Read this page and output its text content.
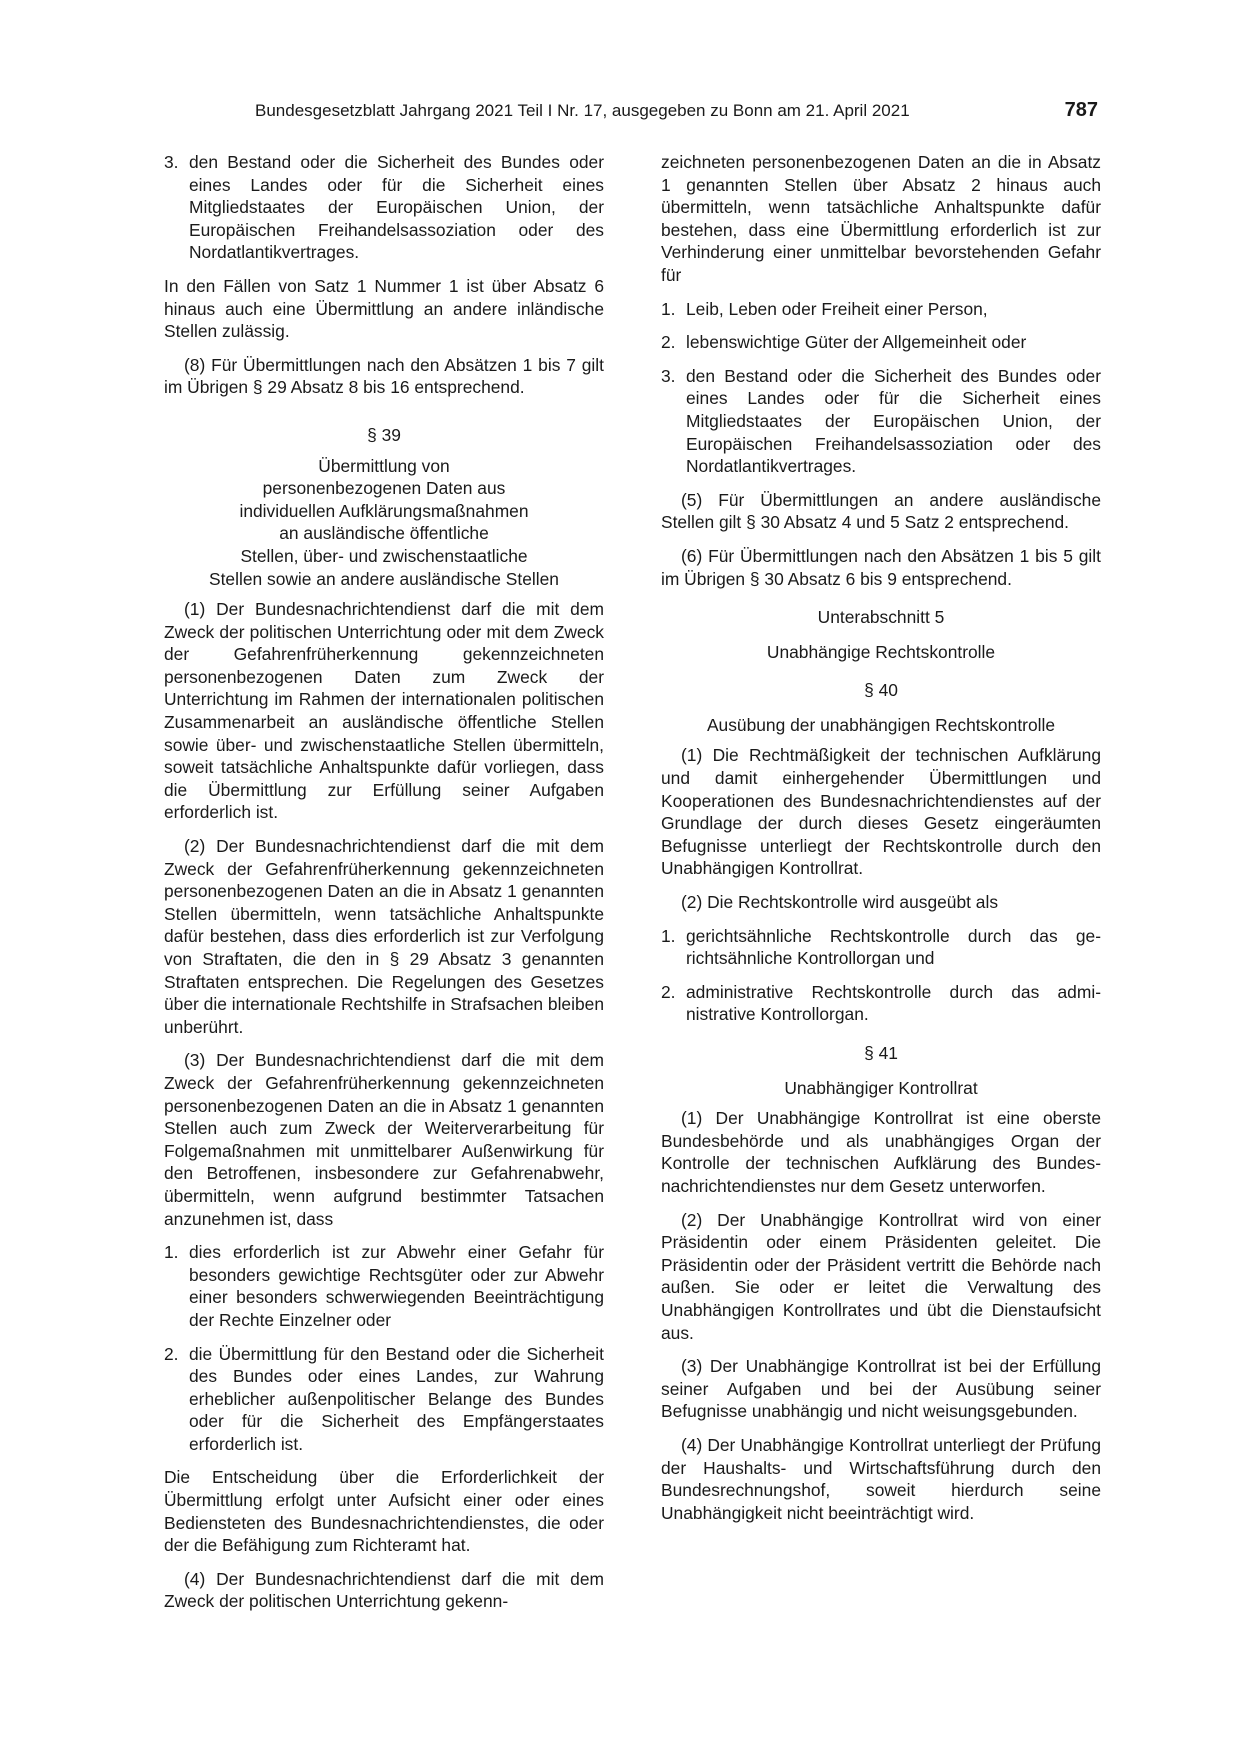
Bundesgesetzblatt Jahrgang 2021 Teil I Nr. 17, ausgegeben zu Bonn am 21. April 2021	787
3. den Bestand oder die Sicherheit des Bundes oder eines Landes oder für die Sicherheit eines Mitgliedstaates der Europäischen Union, der Europäischen Freihandelsassoziation oder des Nordatlantikvertrages.

In den Fällen von Satz 1 Nummer 1 ist über Absatz 6 hinaus auch eine Übermittlung an andere inländische Stellen zulässig.

(8) Für Übermittlungen nach den Absätzen 1 bis 7 gilt im Übrigen § 29 Absatz 8 bis 16 entsprechend.

§ 39
Übermittlung von
personenbezogenen Daten aus
individuellen Aufklärungsmaßnahmen
an ausländische öffentliche
Stellen, über- und zwischenstaatliche
Stellen sowie an andere ausländische Stellen

(1) Der Bundesnachrichtendienst darf die mit dem Zweck der politischen Unterrichtung oder mit dem Zweck der Gefahrenfrüherkennung gekennzeichneten personenbezogenen Daten zum Zweck der Unterrichtung im Rahmen der internationalen politischen Zusammenarbeit an ausländische öffentliche Stellen sowie über- und zwischenstaatliche Stellen übermitteln, soweit tatsächliche Anhaltspunkte dafür vorliegen, dass die Übermittlung zur Erfüllung seiner Aufgaben erforderlich ist.

(2) Der Bundesnachrichtendienst darf die mit dem Zweck der Gefahrenfrüherkennung gekennzeichneten personenbezogenen Daten an die in Absatz 1 genannten Stellen übermitteln, wenn tatsächliche Anhaltspunkte dafür bestehen, dass dies erforderlich ist zur Verfolgung von Straftaten, die den in § 29 Absatz 3 genannten Straftaten entsprechen. Die Regelungen des Gesetzes über die internationale Rechtshilfe in Strafsachen bleiben unberührt.

(3) Der Bundesnachrichtendienst darf die mit dem Zweck der Gefahrenfrüherkennung gekennzeichneten personenbezogenen Daten an die in Absatz 1 genannten Stellen auch zum Zweck der Weiterverarbeitung für Folgemaßnahmen mit unmittelbarer Außenwirkung für den Betroffenen, insbesondere zur Gefahrenabwehr, übermitteln, wenn aufgrund bestimmter Tatsachen anzunehmen ist, dass

1. dies erforderlich ist zur Abwehr einer Gefahr für besonders gewichtige Rechtsgüter oder zur Abwehr einer besonders schwerwiegenden Beeinträchtigung der Rechte Einzelner oder
2. die Übermittlung für den Bestand oder die Sicherheit des Bundes oder eines Landes, zur Wahrung erheblicher außenpolitischer Belange des Bundes oder für die Sicherheit des Empfängerstaates erforderlich ist.

Die Entscheidung über die Erforderlichkeit der Übermittlung erfolgt unter Aufsicht einer oder eines Bediensteten des Bundesnachrichtendienstes, die oder der die Befähigung zum Richteramt hat.

(4) Der Bundesnachrichtendienst darf die mit dem Zweck der politischen Unterrichtung gekenn-

zeichneten personenbezogenen Daten an die in Absatz 1 genannten Stellen über Absatz 2 hinaus auch übermitteln, wenn tatsächliche Anhaltspunkte dafür bestehen, dass eine Übermittlung erforderlich ist zur Verhinderung einer unmittelbar bevorstehenden Gefahr für

1. Leib, Leben oder Freiheit einer Person,
2. lebenswichtige Güter der Allgemeinheit oder
3. den Bestand oder die Sicherheit des Bundes oder eines Landes oder für die Sicherheit eines Mitgliedstaates der Europäischen Union, der Europäischen Freihandelsassoziation oder des Nordatlantikvertrages.

(5) Für Übermittlungen an andere ausländische Stellen gilt § 30 Absatz 4 und 5 Satz 2 entsprechend.

(6) Für Übermittlungen nach den Absätzen 1 bis 5 gilt im Übrigen § 30 Absatz 6 bis 9 entsprechend.

Unterabschnitt 5
Unabhängige Rechtskontrolle
§ 40
Ausübung der unabhängigen Rechtskontrolle

(1) Die Rechtmäßigkeit der technischen Aufklärung und damit einhergehender Übermittlungen und Kooperationen des Bundesnachrichtendienstes auf der Grundlage der durch dieses Gesetz eingeräumten Befugnisse unterliegt der Rechtskontrolle durch den Unabhängigen Kontrollrat.

(2) Die Rechtskontrolle wird ausgeübt als

1. gerichtsähnliche Rechtskontrolle durch das gerichtsähnliche Kontrollorgan und
2. administrative Rechtskontrolle durch das administrative Kontrollorgan.
§ 41
Unabhängiger Kontrollrat

(1) Der Unabhängige Kontrollrat ist eine oberste Bundesbehörde und als unabhängiges Organ der Kontrolle der technischen Aufklärung des Bundesnachrichtendienstes nur dem Gesetz unterworfen.

(2) Der Unabhängige Kontrollrat wird von einer Präsidentin oder einem Präsidenten geleitet. Die Präsidentin oder der Präsident vertritt die Behörde nach außen. Sie oder er leitet die Verwaltung des Unabhängigen Kontrollrates und übt die Dienstaufsicht aus.

(3) Der Unabhängige Kontrollrat ist bei der Erfüllung seiner Aufgaben und bei der Ausübung seiner Befugnisse unabhängig und nicht weisungsgebunden.

(4) Der Unabhängige Kontrollrat unterliegt der Prüfung der Haushalts- und Wirtschaftsführung durch den Bundesrechnungshof, soweit hierdurch seine Unabhängigkeit nicht beeinträchtigt wird.
